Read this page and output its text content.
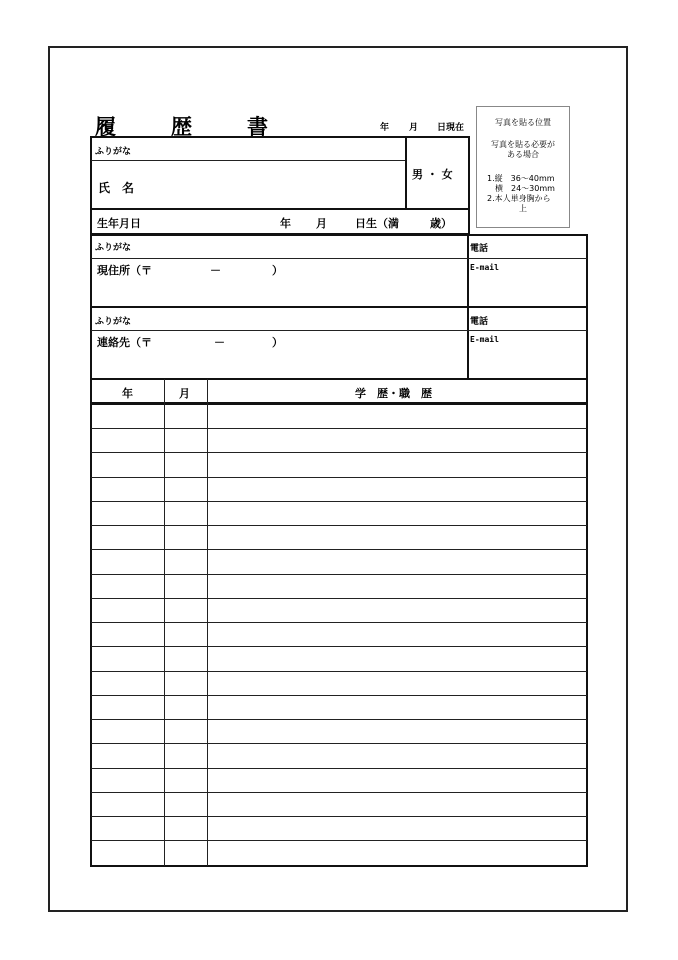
履　歴　書	年 月 日現在
写真を貼る位置
写真を貼る必要が
ある場合
1.縦　36～40mm
　横　24～30mm
2.本人単身胸から
上
ふりがな
氏　名
男 ・ 女
生年月日	年 月	日生（満	歳）
ふりがな
現住所（〒	－	）
電話
E-mail
ふりがな
連絡先（〒	－	）
電話
E-mail
年	月	学　歴・職　歴
